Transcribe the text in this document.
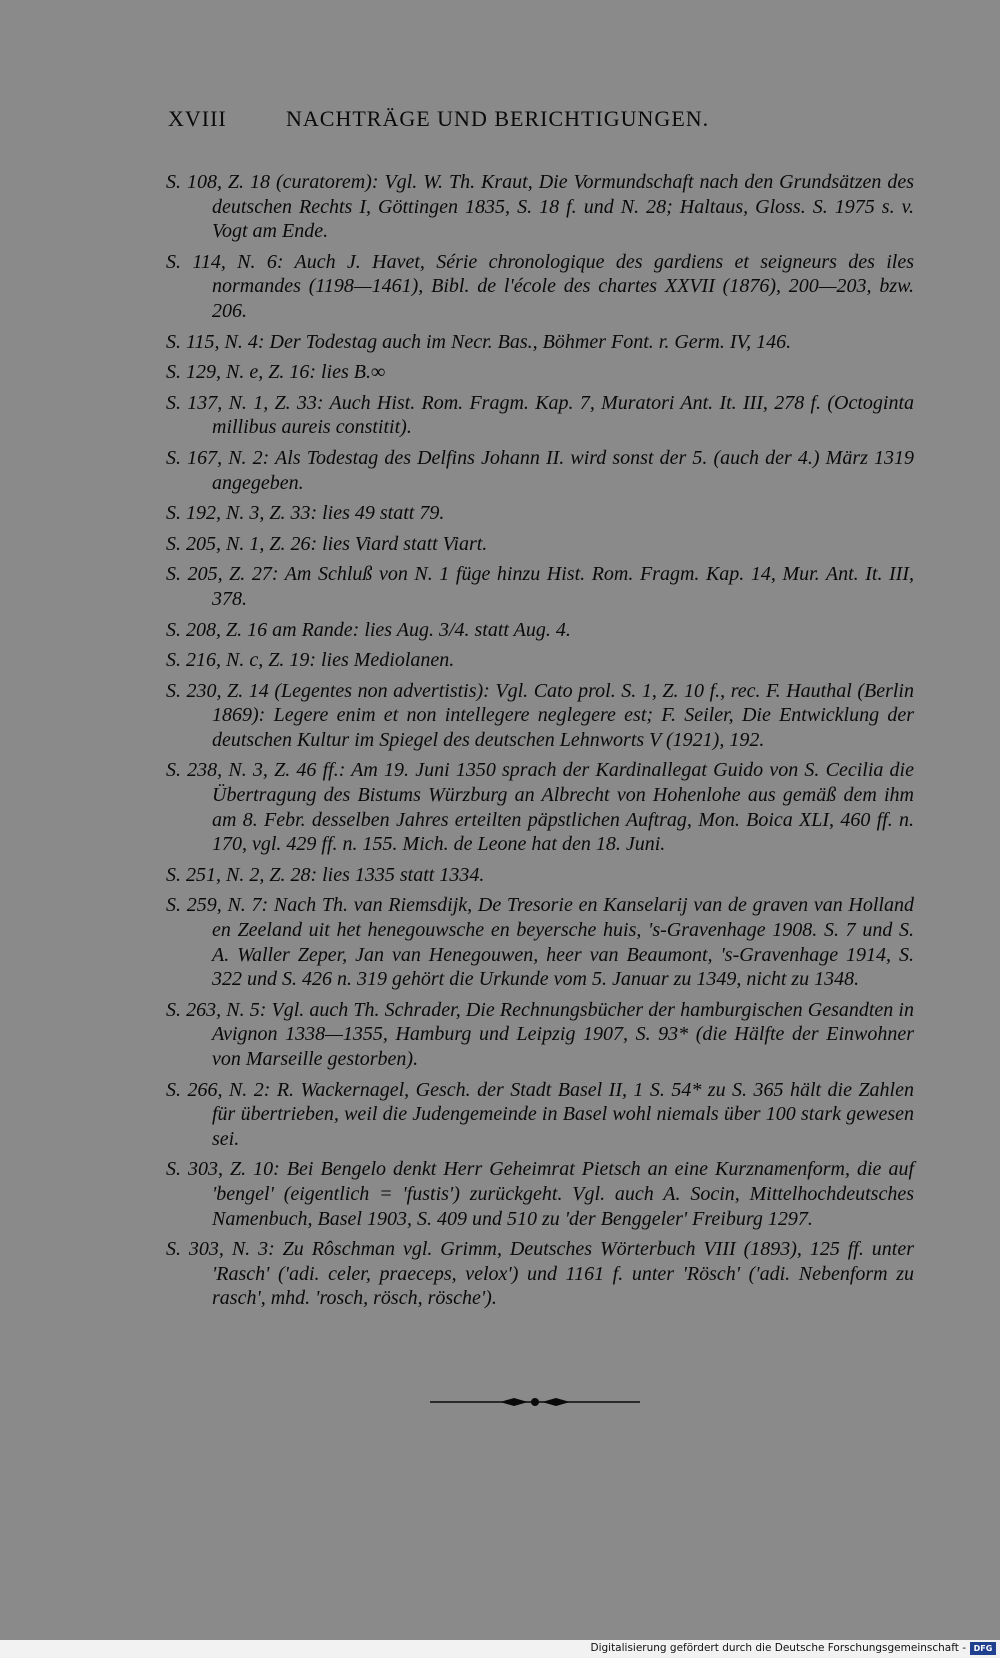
XVIII	NACHTRÄGE UND BERICHTIGUNGEN.

S. 108, Z. 18 (curatorem): Vgl. W. Th. Kraut, Die Vormundschaft nach den Grundsätzen des deutschen Rechts I, Göttingen 1835, S. 18 f. und N. 28; Haltaus, Gloss. S. 1975 s. v. Vogt am Ende.

S. 114, N. 6: Auch J. Havet, Série chronologique des gardiens et seigneurs des iles normandes (1198—1461), Bibl. de l'école des chartes XXVII (1876), 200—203, bzw. 206.

S. 115, N. 4: Der Todestag auch im Necr. Bas., Böhmer Font. r. Germ. IV, 146.

S. 129, N. e, Z. 16: lies B.∞

S. 137, N. 1, Z. 33: Auch Hist. Rom. Fragm. Kap. 7, Muratori Ant. It. III, 278 f. (Octoginta millibus aureis constitit).

S. 167, N. 2: Als Todestag des Delfins Johann II. wird sonst der 5. (auch der 4.) März 1319 angegeben.

S. 192, N. 3, Z. 33: lies 49 statt 79.

S. 205, N. 1, Z. 26: lies Viard statt Viart.

S. 205, Z. 27: Am Schluß von N. 1 füge hinzu Hist. Rom. Fragm. Kap. 14, Mur. Ant. It. III, 378.

S. 208, Z. 16 am Rande: lies Aug. 3/4. statt Aug. 4.

S. 216, N. c, Z. 19: lies Mediolanen.

S. 230, Z. 14 (Legentes non advertistis): Vgl. Cato prol. S. 1, Z. 10 f., rec. F. Hauthal (Berlin 1869): Legere enim et non intellegere neglegere est; F. Seiler, Die Entwicklung der deutschen Kultur im Spiegel des deutschen Lehnworts V (1921), 192.

S. 238, N. 3, Z. 46 ff.: Am 19. Juni 1350 sprach der Kardinallegat Guido von S. Cecilia die Übertragung des Bistums Würzburg an Albrecht von Hohenlohe aus gemäß dem ihm am 8. Febr. desselben Jahres erteilten päpstlichen Auftrag, Mon. Boica XLI, 460 ff. n. 170, vgl. 429 ff. n. 155. Mich. de Leone hat den 18. Juni.

S. 251, N. 2, Z. 28: lies 1335 statt 1334.

S. 259, N. 7: Nach Th. van Riemsdijk, De Tresorie en Kanselarij van de graven van Holland en Zeeland uit het henegouwsche en beyersche huis, 's-Gravenhage 1908. S. 7 und S. A. Waller Zeper, Jan van Henegouwen, heer van Beaumont, 's-Gravenhage 1914, S. 322 und S. 426 n. 319 gehört die Urkunde vom 5. Januar zu 1349, nicht zu 1348.

S. 263, N. 5: Vgl. auch Th. Schrader, Die Rechnungsbücher der hamburgischen Gesandten in Avignon 1338—1355, Hamburg und Leipzig 1907, S. 93* (die Hälfte der Einwohner von Marseille gestorben).

S. 266, N. 2: R. Wackernagel, Gesch. der Stadt Basel II, 1 S. 54* zu S. 365 hält die Zahlen für übertrieben, weil die Judengemeinde in Basel wohl niemals über 100 stark gewesen sei.

S. 303, Z. 10: Bei Bengelo denkt Herr Geheimrat Pietsch an eine Kurznamenform, die auf 'bengel' (eigentlich = 'fustis') zurückgeht. Vgl. auch A. Socin, Mittelhochdeutsches Namenbuch, Basel 1903, S. 409 und 510 zu 'der Benggeler' Freiburg 1297.

S. 303, N. 3: Zu Rôschman vgl. Grimm, Deutsches Wörterbuch VIII (1893), 125 ff. unter 'Rasch' ('adi. celer, praeceps, velox') und 1161 f. unter 'Rösch' ('adi. Nebenform zu rasch', mhd. 'rosch, rösch, rösche').

Digitalisierung gefördert durch die Deutsche Forschungsgemeinschaft - DFG
